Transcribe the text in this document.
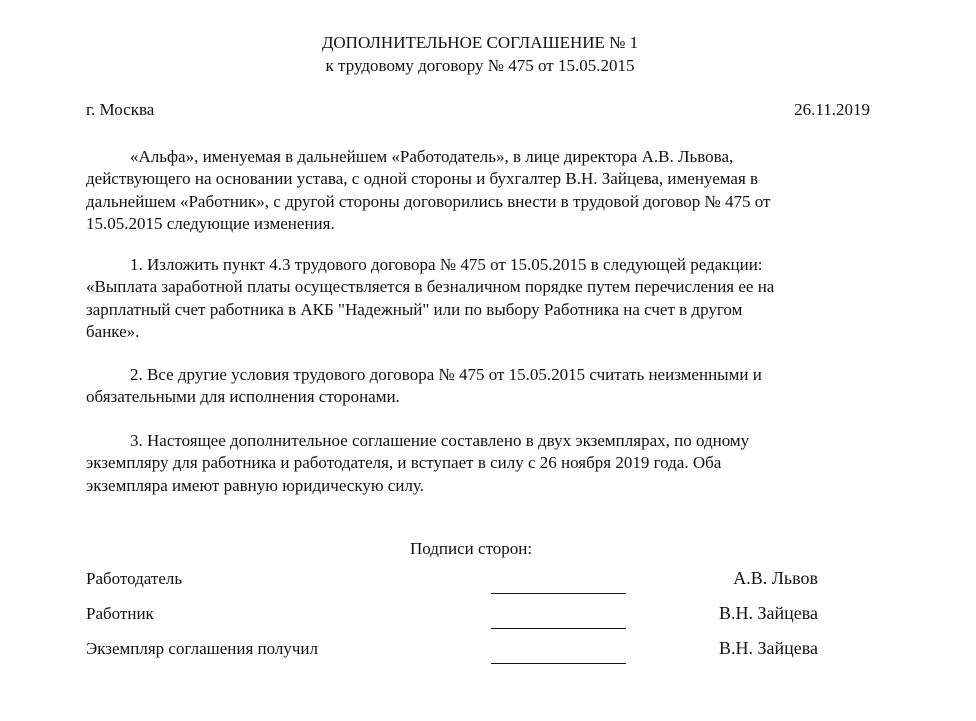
ДОПОЛНИТЕЛЬНОЕ СОГЛАШЕНИЕ № 1
к трудовому договору № 475 от 15.05.2015
г. Москва	26.11.2019
«Альфа», именуемая в дальнейшем «Работодатель», в лице директора А.В. Львова,
действующего на основании устава, с одной стороны и бухгалтер В.Н. Зайцева, именуемая в
дальнейшем «Работник», с другой стороны договорились внести в трудовой договор № 475 от
15.05.2015 следующие изменения.
1. Изложить пункт 4.3 трудового договора № 475 от 15.05.2015 в следующей редакции:
«Выплата заработной платы осуществляется в безналичном порядке путем перечисления ее на
зарплатный счет работника в АКБ "Надежный" или по выбору Работника на счет в другом
банке».
2. Все другие условия трудового договора № 475 от 15.05.2015 считать неизменными и
обязательными для исполнения сторонами.
3. Настоящее дополнительное соглашение составлено в двух экземплярах, по одному
экземпляру для работника и работодателя, и вступает в силу с 26 ноября 2019 года. Оба
экземпляра имеют равную юридическую силу.
Подписи сторон:
Работодатель	А.В. Львов
Работник	В.Н. Зайцева
Экземпляр соглашения получил	В.Н. Зайцева
